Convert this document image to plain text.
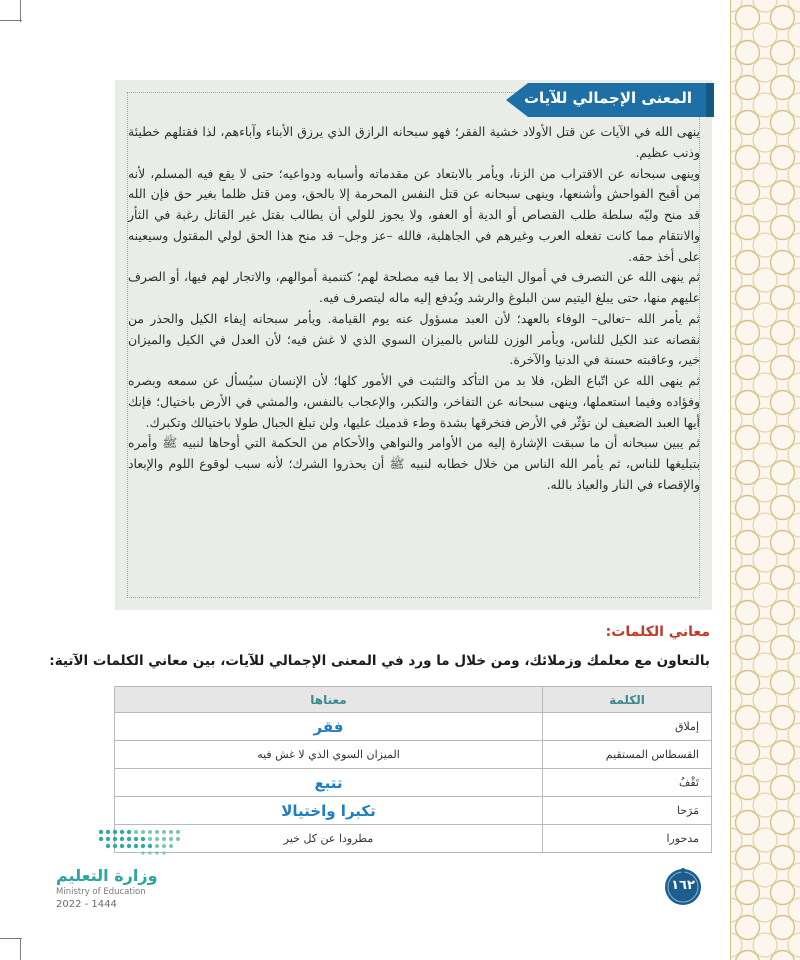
المعنى الإجمالي للآيات

ينهى الله في الآيات عن قتل الأولاد خشية الفقر؛ فهو سبحانه الرازق الذي يرزق الأبناء وآباءهم، لذا فقتلهم خطيئة وذنب عظيم.

وينهى سبحانه عن الاقتراب من الزنا، ويأمر بالابتعاد عن مقدماته وأسبابه ودواعيه؛ حتى لا يقع فيه المسلم، لأنه من أقبح الفواحش وأشنعها، وينهى سبحانه عن قتل النفس المحرمة إلا بالحق، ومن قتل ظلما بغير حق فإن الله قد منح وليّه سلطة طلب القصاص أو الدية أو العفو، ولا يجوز للولي أن يطالب بقتل غير القاتل رغبة في الثأر والانتقام مما كانت تفعله العرب وغيرهم في الجاهلية، فالله –عز وجل– قد منح هذا الحق لولي المقتول وسيعينه على أخذ حقه.

ثم ينهى الله عن التصرف في أموال اليتامى إلا بما فيه مصلحة لهم؛ كتنمية أموالهم، والاتجار لهم فيها، أو الصرف عليهم منها، حتى يبلغ اليتيم سن البلوغ والرشد ويُدفع إليه ماله ليتصرف فيه.

ثم يأمر الله –تعالى– الوفاء بالعهد؛ لأن العبد مسؤول عنه يوم القيامة. ويأمر سبحانه إيفاء الكيل والحذر من نقصانه عند الكيل للناس، ويأمر الوزن للناس بالميزان السوي الذي لا غش فيه؛ لأن العدل في الكيل والميزان خير، وعاقبته حسنة في الدنيا والآخرة.

ثم ينهى الله عن اتّباع الظن، فلا بد من التأكد والتثبت في الأمور كلها؛ لأن الإنسان سيُسأل عن سمعه وبصره وفؤاده وفيما استعملها، وينهى سبحانه عن التفاخر، والتكبر، والإعجاب بالنفس، والمشي في الأرض باختيال؛ فإنك أيها العبد الضعيف لن تؤثّر في الأرض فتخرقها بشدة وطء قدميك عليها، ولن تبلغ الجبال طولا باختيالك وتكبرك.

ثم يبين سبحانه أن ما سبقت الإشارة إليه من الأوامر والنواهي والأحكام من الحكمة التي أوحاها لنبيه ﷺ وأمره بتبليغها للناس، ثم يأمر الله الناس من خلال خطابه لنبيه ﷺ أن يحذروا الشرك؛ لأنه سبب لوقوع اللوم والإبعاد والإقصاء في النار والعياذ بالله.

معاني الكلمات:
بالتعاون مع معلمك وزملائك، ومن خلال ما ورد في المعنى الإجمالي للآيات، بين معاني الكلمات الآتية:
الكلمة	معناها
إملاق	فقر
القسطاس المستقيم	الميزان السوي الذي لا غش فيه
تَقْفُ	تتبع
مَرَحا	تكبرا واختيالا
مدحورا	مطرودا عن كل خير
١٦٢
وزارة التعليم
Ministry of Education
2022 - 1444
